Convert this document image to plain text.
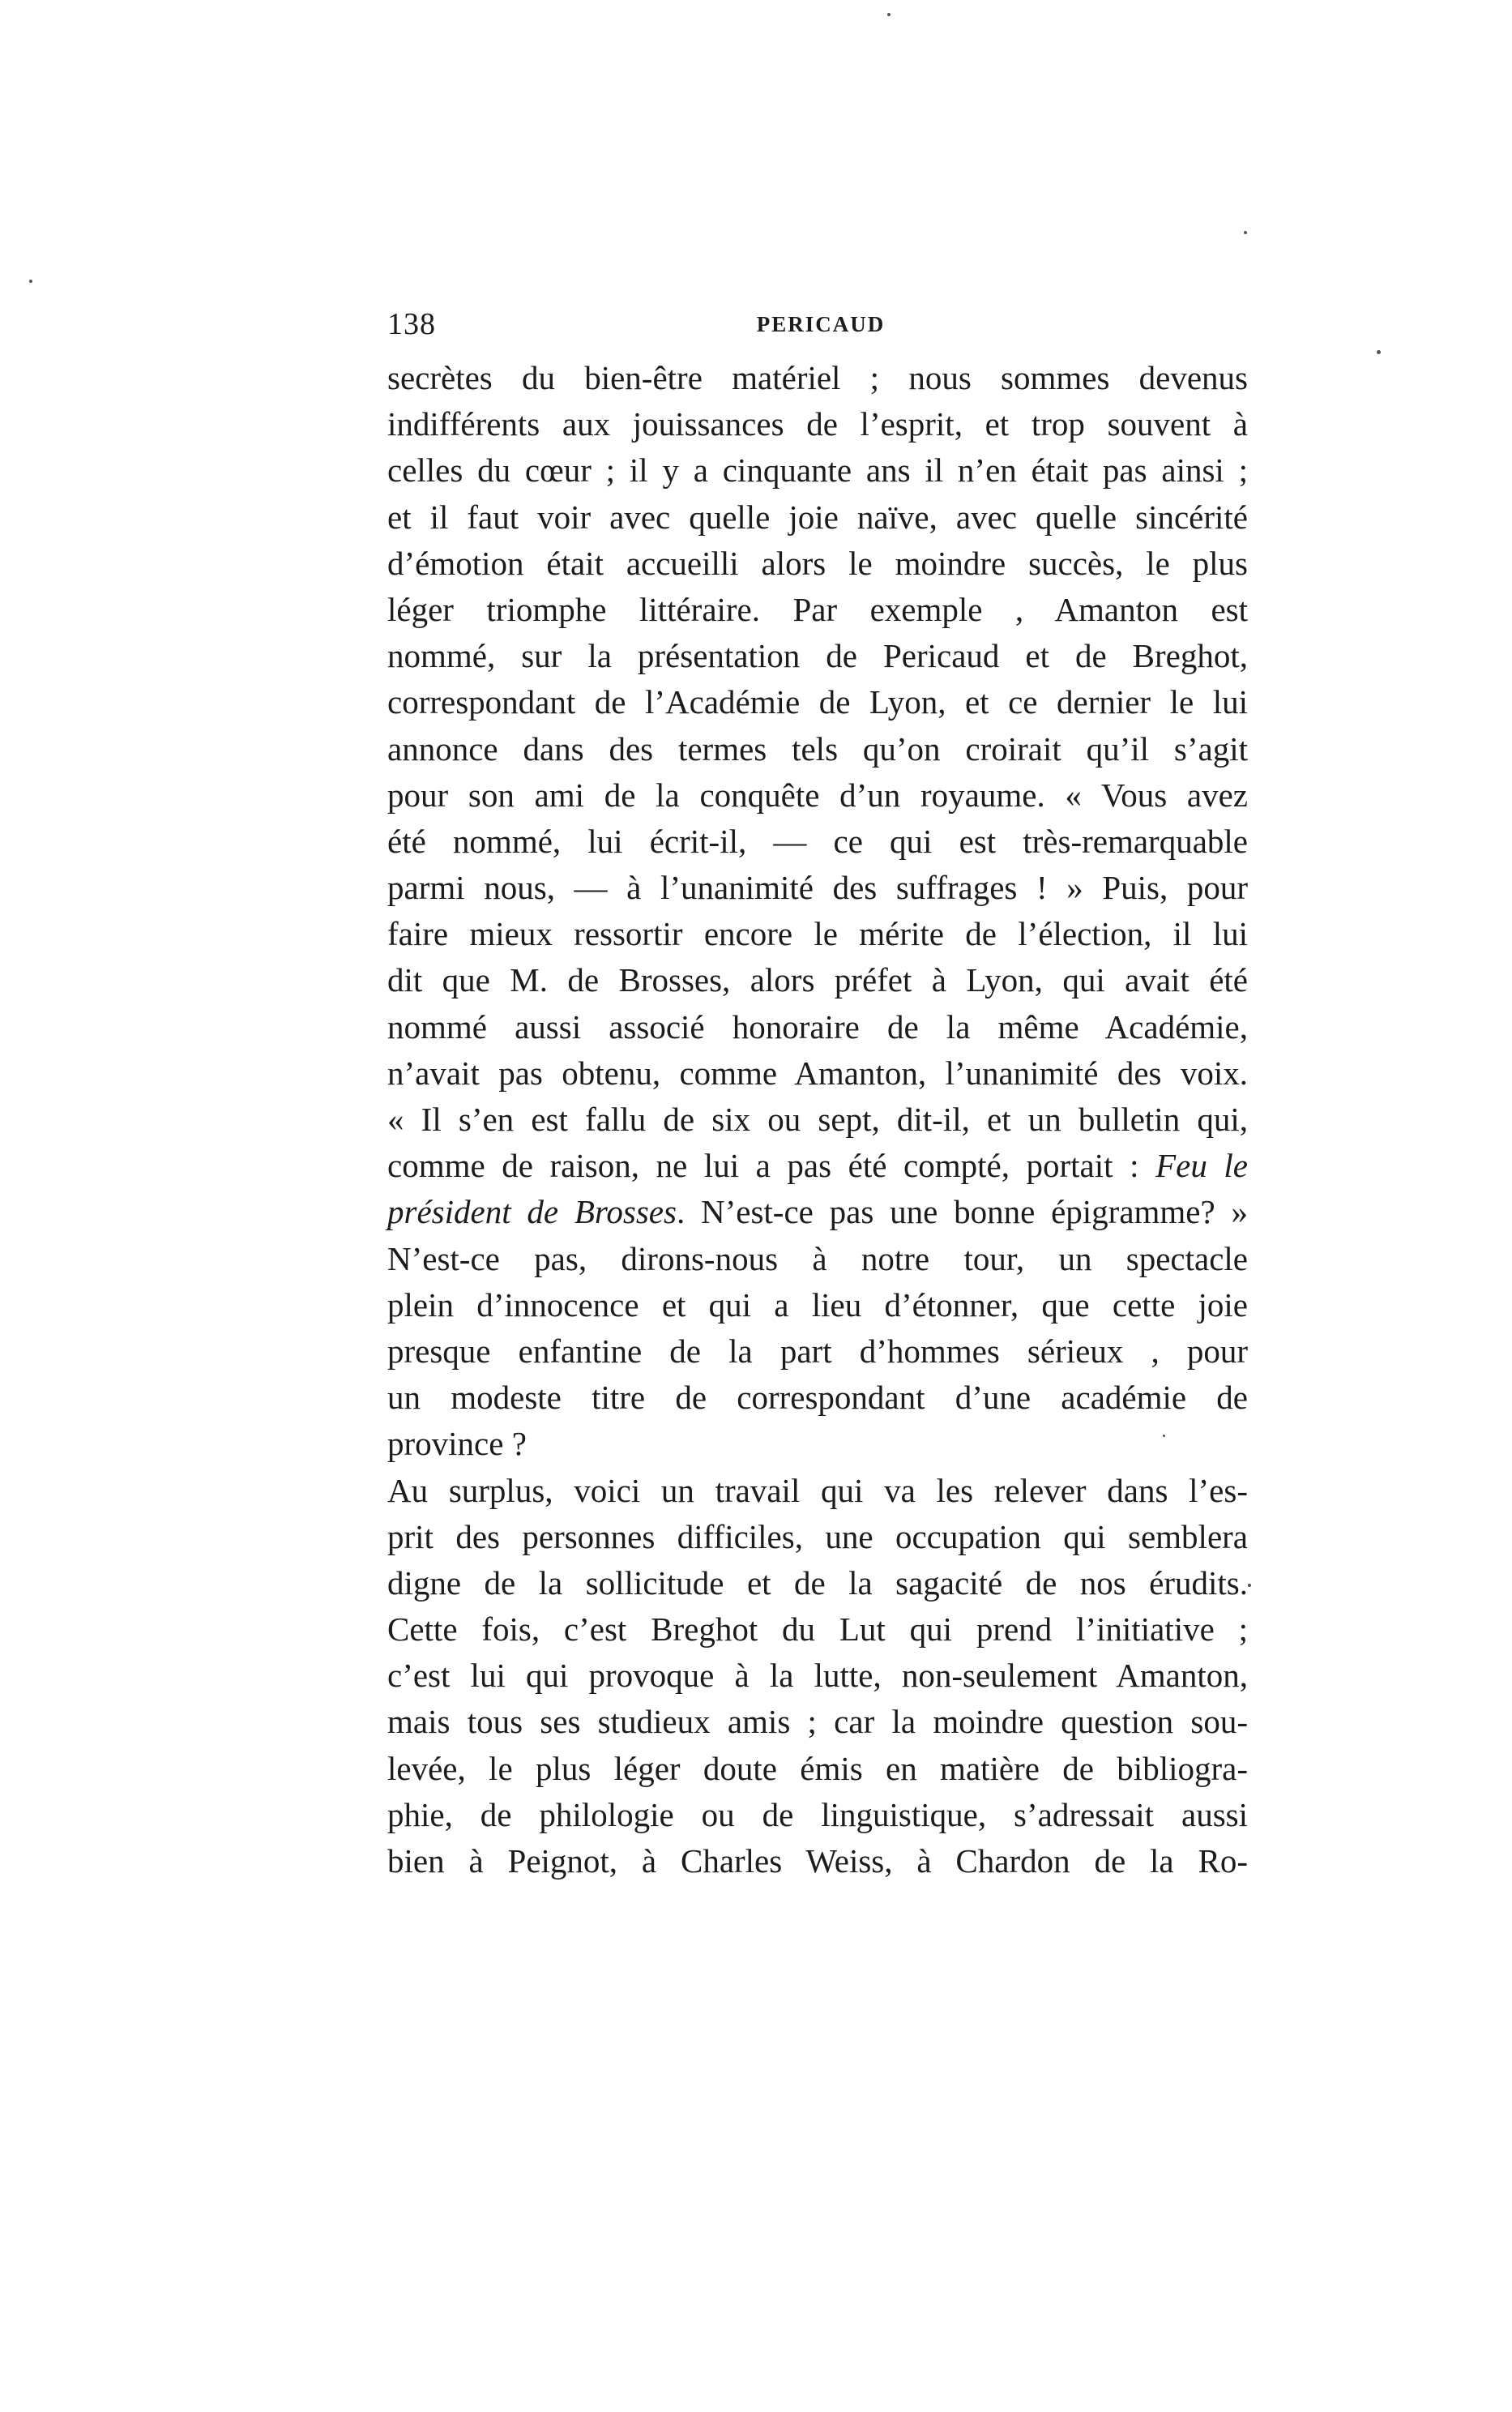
138	PERICAUD
secrètes du bien-être matériel ; nous sommes devenus
indifférents aux jouissances de l’esprit, et trop souvent à
celles du cœur ; il y a cinquante ans il n’en était pas ainsi ;
et il faut voir avec quelle joie naïve, avec quelle sincérité
d’émotion était accueilli alors le moindre succès, le plus
léger triomphe littéraire. Par exemple , Amanton est
nommé, sur la présentation de Pericaud et de Breghot,
correspondant de l’Académie de Lyon, et ce dernier le lui
annonce dans des termes tels qu’on croirait qu’il s’agit
pour son ami de la conquête d’un royaume. « Vous avez
été nommé, lui écrit-il, — ce qui est très-remarquable
parmi nous, — à l’unanimité des suffrages ! » Puis, pour
faire mieux ressortir encore le mérite de l’élection, il lui
dit que M. de Brosses, alors préfet à Lyon, qui avait été
nommé aussi associé honoraire de la même Académie,
n’avait pas obtenu, comme Amanton, l’unanimité des voix.
« Il s’en est fallu de six ou sept, dit-il, et un bulletin qui,
comme de raison, ne lui a pas été compté, portait : Feu le
président de Brosses. N’est-ce pas une bonne épigramme? »
N’est-ce pas, dirons-nous à notre tour, un spectacle
plein d’innocence et qui a lieu d’étonner, que cette joie
presque enfantine de la part d’hommes sérieux , pour
un modeste titre de correspondant d’une académie de
province ?
Au surplus, voici un travail qui va les relever dans l’es-
prit des personnes difficiles, une occupation qui semblera
digne de la sollicitude et de la sagacité de nos érudits.
Cette fois, c’est Breghot du Lut qui prend l’initiative ;
c’est lui qui provoque à la lutte, non-seulement Amanton,
mais tous ses studieux amis ; car la moindre question sou-
levée, le plus léger doute émis en matière de bibliogra-
phie, de philologie ou de linguistique, s’adressait aussi
bien à Peignot, à Charles Weiss, à Chardon de la Ro-
